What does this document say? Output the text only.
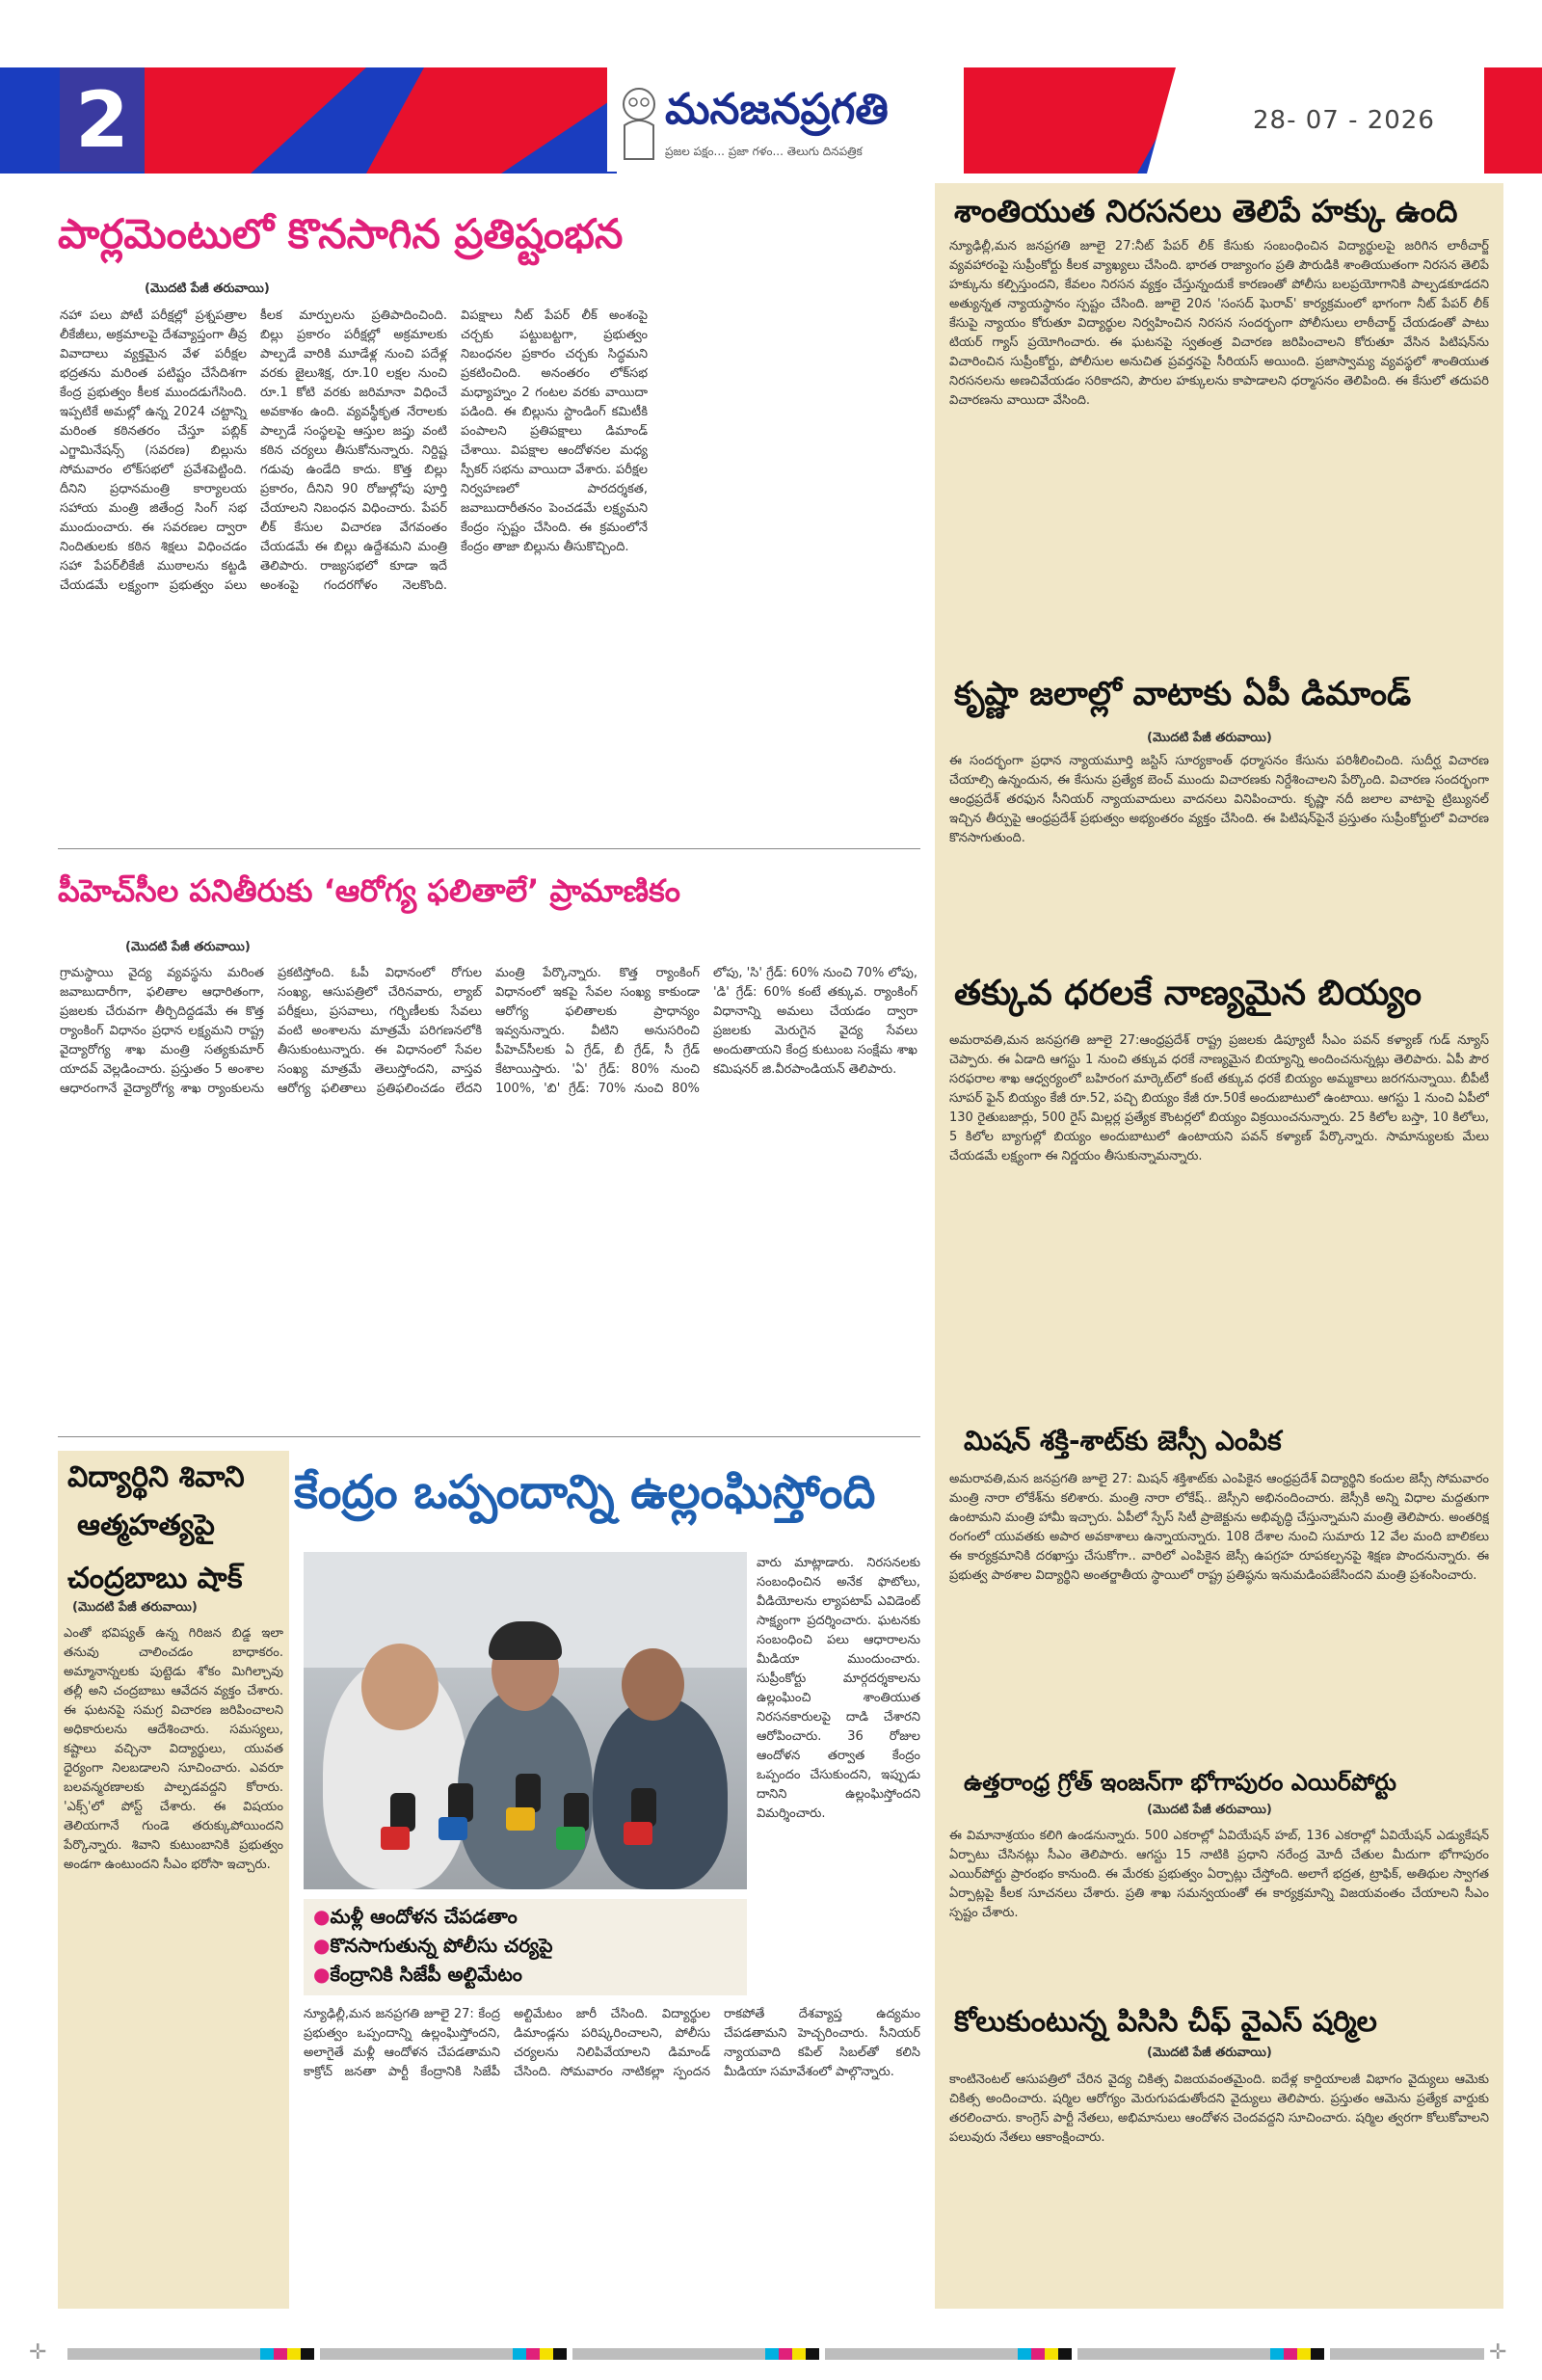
2	మనజనప్రగతి
ప్రజల పక్షం... ప్రజా గళం... తెలుగు దినపత్రిక
28- 07 - 2026
పార్లమెంటులో కొనసాగిన ప్రతిష్టంభన
(మొదటి పేజీ తరువాయి)
నహా పలు పోటీ పరీక్షల్లో ప్రశ్నపత్రాల లీకేజీలు, అక్రమాలపై దేశవ్యాప్తంగా తీవ్ర వివాదాలు వ్యక్తమైన వేళ పరీక్షల భద్రతను మరింత పటిష్టం చేసేదిశగా కేంద్ర ప్రభుత్వం కీలక ముందడుగేసింది. ఇప్పటికే అమల్లో ఉన్న 2024 చట్టాన్ని మరింత కఠినతరం చేస్తూ పబ్లిక్ ఎగ్జామినేషన్స్ (సవరణ) బిల్లును సోమవారం లోక్‌సభలో ప్రవేశపెట్టింది. దీనిని ప్రధానమంత్రి కార్యాలయ సహాయ మంత్రి జితేంద్ర సింగ్ సభ ముందుంచారు. ఈ సవరణల ద్వారా నిందితులకు కఠిన శిక్షలు విధించడం సహా పేపర్‌లీకేజీ ముఠాలను కట్టడి చేయడమే లక్ష్యంగా ప్రభుత్వం పలు కీలక మార్పులను ప్రతిపాదించింది. బిల్లు ప్రకారం పరీక్షల్లో అక్రమాలకు పాల్పడే వారికి మూడేళ్ల నుంచి పదేళ్ల వరకు జైలుశిక్ష, రూ.10 లక్షల నుంచి రూ.1 కోటి వరకు జరిమానా విధించే అవకాశం ఉంది. వ్యవస్థీకృత నేరాలకు పాల్పడే సంస్థలపై ఆస్తుల జప్తు వంటి కఠిన చర్యలు తీసుకోనున్నారు. నిర్దిష్ట గడువు ఉండేది కాదు. కొత్త బిల్లు ప్రకారం, దీనిని 90 రోజుల్లోపు పూర్తి చేయాలని నిబంధన విధించారు. పేపర్ లీక్ కేసుల విచారణ వేగవంతం చేయడమే ఈ బిల్లు ఉద్దేశమని మంత్రి తెలిపారు. రాజ్యసభలో కూడా ఇదే అంశంపై గందరగోళం నెలకొంది. విపక్షాలు నీట్ పేపర్ లీక్ అంశంపై చర్చకు పట్టుబట్టగా, ప్రభుత్వం నిబంధనల ప్రకారం చర్చకు సిద్ధమని ప్రకటించింది. అనంతరం లోక్‌సభ మధ్యాహ్నం 2 గంటల వరకు వాయిదా పడింది. ఈ బిల్లును స్టాండింగ్ కమిటీకి పంపాలని ప్రతిపక్షాలు డిమాండ్ చేశాయి. విపక్షాల ఆందోళనల మధ్య స్పీకర్ సభను వాయిదా వేశారు. పరీక్షల నిర్వహణలో పారదర్శకత, జవాబుదారీతనం పెంచడమే లక్ష్యమని కేంద్రం స్పష్టం చేసింది. ఈ క్రమంలోనే కేంద్రం తాజా బిల్లును తీసుకొచ్చింది.
శాంతియుత నిరసనలు తెలిపే హక్కు ఉంది
న్యూఢిల్లీ,మన జనప్రగతి జూలై 27:నీట్ పేపర్ లీక్ కేసుకు సంబంధించిన విద్యార్థులపై జరిగిన లాఠీచార్జ్ వ్యవహారంపై సుప్రీంకోర్టు కీలక వ్యాఖ్యలు చేసింది. భారత రాజ్యాంగం ప్రతి పౌరుడికి శాంతియుతంగా నిరసన తెలిపే హక్కును కల్పిస్తుందని, కేవలం నిరసన వ్యక్తం చేస్తున్నందుకే కారణంతో పోలీసు బలప్రయోగానికి పాల్పడకూడదని అత్యున్నత న్యాయస్థానం స్పష్టం చేసింది. జూలై 20న 'సంసద్ ఘెరావ్' కార్యక్రమంలో భాగంగా నీట్ పేపర్ లీక్ కేసుపై న్యాయం కోరుతూ విద్యార్థుల నిర్వహించిన నిరసన సందర్భంగా పోలీసులు లాఠీచార్జ్ చేయడంతో పాటు టియర్ గ్యాస్ ప్రయోగించారు. ఈ ఘటనపై స్వతంత్ర విచారణ జరిపించాలని కోరుతూ వేసిన పిటిషన్‌ను విచారించిన సుప్రీంకోర్టు, పోలీసుల అనుచిత ప్రవర్తనపై సీరియస్ అయింది. ప్రజాస్వామ్య వ్యవస్థలో శాంతియుత నిరసనలను అణచివేయడం సరికాదని, పౌరుల హక్కులను కాపాడాలని ధర్మాసనం తెలిపింది. ఈ కేసులో తదుపరి విచారణను వాయిదా వేసింది.
కృష్ణా జలాల్లో వాటాకు ఏపీ డిమాండ్
(మొదటి పేజీ తరువాయి)
ఈ సందర్భంగా ప్రధాన న్యాయమూర్తి జస్టిస్ సూర్యకాంత్ ధర్మాసనం కేసును పరిశీలించింది. సుదీర్ఘ విచారణ చేయాల్సి ఉన్నందున, ఈ కేసును ప్రత్యేక బెంచ్ ముందు విచారణకు నిర్దేశించాలని పేర్కొంది. విచారణ సందర్భంగా ఆంధ్రప్రదేశ్ తరఫున సీనియర్ న్యాయవాదులు వాదనలు వినిపించారు. కృష్ణా నదీ జలాల వాటాపై ట్రిబ్యునల్ ఇచ్చిన తీర్పుపై ఆంధ్రప్రదేశ్ ప్రభుత్వం అభ్యంతరం వ్యక్తం చేసింది. ఈ పిటిషన్‌పైనే ప్రస్తుతం సుప్రీంకోర్టులో విచారణ కొనసాగుతుంది.
తక్కువ ధరలకే నాణ్యమైన బియ్యం
అమరావతి,మన జనప్రగతి జూలై 27:ఆంధ్రప్రదేశ్ రాష్ట్ర ప్రజలకు డిప్యూటీ సీఎం పవన్ కళ్యాణ్ గుడ్ న్యూస్ చెప్పారు. ఈ ఏడాది ఆగస్టు 1 నుంచి తక్కువ ధరకే నాణ్యమైన బియ్యాన్ని అందించనున్నట్లు తెలిపారు. ఏపీ పౌర సరఫరాల శాఖ ఆధ్వర్యంలో బహిరంగ మార్కెట్‌లో కంటే తక్కువ ధరకే బియ్యం అమ్మకాలు జరగనున్నాయి. బీపీటీ సూపర్ ఫైన్ బియ్యం కేజీ రూ.52, పచ్చి బియ్యం కేజీ రూ.50కే అందుబాటులో ఉంటాయి. ఆగస్టు 1 నుంచి ఏపీలో 130 రైతుబజార్లు, 500 రైస్ మిల్లర్ల ప్రత్యేక కౌంటర్లలో బియ్యం విక్రయించనున్నారు. 25 కిలోల బస్తా, 10 కిలోలు, 5 కిలోల బ్యాగుల్లో బియ్యం అందుబాటులో ఉంటాయని పవన్ కళ్యాణ్ పేర్కొన్నారు. సామాన్యులకు మేలు చేయడమే లక్ష్యంగా ఈ నిర్ణయం తీసుకున్నామన్నారు.
పీహెచ్‌సీల పనితీరుకు ‘ఆరోగ్య ఫలితాలే’ ప్రామాణికం
(మొదటి పేజీ తరువాయి)
గ్రామస్థాయి వైద్య వ్యవస్థను మరింత జవాబుదారీగా, ఫలితాల ఆధారితంగా, ప్రజలకు చేరువగా తీర్చిదిద్దడమే ఈ కొత్త ర్యాంకింగ్ విధానం ప్రధాన లక్ష్యమని రాష్ట్ర వైద్యారోగ్య శాఖ మంత్రి సత్యకుమార్ యాదవ్ వెల్లడించారు. ప్రస్తుతం 5 అంశాల ఆధారంగానే వైద్యారోగ్య శాఖ ర్యాంకులను ప్రకటిస్తోంది. ఓపీ విధానంలో రోగుల సంఖ్య, ఆసుపత్రిలో చేరినవారు, ల్యాబ్ పరీక్షలు, ప్రసవాలు, గర్భిణీలకు సేవలు వంటి అంశాలను మాత్రమే పరిగణనలోకి తీసుకుంటున్నారు. ఈ విధానంలో సేవల సంఖ్య మాత్రమే తెలుస్తోందని, వాస్తవ ఆరోగ్య ఫలితాలు ప్రతిఫలించడం లేదని మంత్రి పేర్కొన్నారు. కొత్త ర్యాంకింగ్ విధానంలో ఇకపై సేవల సంఖ్య కాకుండా ఆరోగ్య ఫలితాలకు ప్రాధాన్యం ఇవ్వనున్నారు. వీటిని అనుసరించి పీహెచ్‌సీలకు ఏ గ్రేడ్, బీ గ్రేడ్, సీ గ్రేడ్ కేటాయిస్తారు. 'ఏ' గ్రేడ్: 80% నుంచి 100%, 'బి' గ్రేడ్: 70% నుంచి 80% లోపు, 'సి' గ్రేడ్: 60% నుంచి 70% లోపు, 'డి' గ్రేడ్: 60% కంటే తక్కువ. ర్యాంకింగ్ విధానాన్ని అమలు చేయడం ద్వారా ప్రజలకు మెరుగైన వైద్య సేవలు అందుతాయని కేంద్ర కుటుంబ సంక్షేమ శాఖ కమిషనర్ జి.వీరపాండియన్ తెలిపారు.
విద్యార్థిని శివాని
ఆత్మహత్యపై
చంద్రబాబు షాక్
(మొదటి పేజీ తరువాయి)
ఎంతో భవిష్యత్ ఉన్న గిరిజన బిడ్డ ఇలా తనువు చాలించడం బాధాకరం. అమ్మానాన్నలకు పుట్టెడు శోకం మిగిల్చావు తల్లీ అని చంద్రబాబు ఆవేదన వ్యక్తం చేశారు. ఈ ఘటనపై సమగ్ర విచారణ జరిపించాలని అధికారులను ఆదేశించారు. సమస్యలు, కష్టాలు వచ్చినా విద్యార్థులు, యువత ధైర్యంగా నిలబడాలని సూచించారు. ఎవరూ బలవన్మరణాలకు పాల్పడవద్దని కోరారు. 'ఎక్స్'లో పోస్ట్ చేశారు. ఈ విషయం తెలియగానే గుండె తరుక్కుపోయిందని పేర్కొన్నారు. శివాని కుటుంబానికి ప్రభుత్వం అండగా ఉంటుందని సీఎం భరోసా ఇచ్చారు.
కేంద్రం ఒప్పందాన్ని ఉల్లంఘిస్తోంది
●మళ్లీ ఆందోళన చేపడతాం
●కొనసాగుతున్న పోలీసు చర్యపై
●కేంద్రానికి సిజేపీ అల్టిమేటం
వారు మాట్లాడారు. నిరసనలకు సంబంధించిన అనేక ఫొటోలు, వీడియోలను ల్యాపటాప్ ఎవిడెంట్ సాక్ష్యంగా ప్రదర్శించారు. ఘటనకు సంబంధించి పలు ఆధారాలను మీడియా ముందుంచారు. సుప్రీంకోర్టు మార్గదర్శకాలను ఉల్లంఘించి శాంతియుత నిరసనకారులపై దాడి చేశారని ఆరోపించారు. 36 రోజుల ఆందోళన తర్వాత కేంద్రం ఒప్పందం చేసుకుందని, ఇప్పుడు దానిని ఉల్లంఘిస్తోందని విమర్శించారు.
న్యూఢిల్లీ,మన జనప్రగతి జూలై 27: కేంద్ర ప్రభుత్వం ఒప్పందాన్ని ఉల్లంఘిస్తోందని, అలాగైతే మళ్లీ ఆందోళన చేపడతామని కాక్రోచ్ జనతా పార్టీ కేంద్రానికి సిజేపీ అల్టిమేటం జారీ చేసింది. విద్యార్థుల డిమాండ్లను పరిష్కరించాలని, పోలీసు చర్యలను నిలిపివేయాలని డిమాండ్ చేసింది. సోమవారం నాటికల్లా స్పందన రాకపోతే దేశవ్యాప్త ఉద్యమం చేపడతామని హెచ్చరించారు. సీనియర్ న్యాయవాది కపిల్ సిబల్‌తో కలిసి మీడియా సమావేశంలో పాల్గొన్నారు.
మిషన్ శక్తి-శాట్‌కు జెస్సీ ఎంపిక
అమరావతి,మన జనప్రగతి జూలై 27: మిషన్ శక్తిశాట్‌కు ఎంపికైన ఆంధ్రప్రదేశ్ విద్యార్థిని కందుల జెస్సీ సోమవారం మంత్రి నారా లోకేశ్‌ను కలిశారు. మంత్రి నారా లోకేష్.. జెస్సీని అభినందించారు. జెస్సీకి అన్ని విధాల మద్దతుగా ఉంటామని మంత్రి హామీ ఇచ్చారు. ఏపీలో స్పేస్ సిటీ ప్రాజెక్టును అభివృద్ధి చేస్తున్నామని మంత్రి తెలిపారు. అంతరిక్ష రంగంలో యువతకు అపార అవకాశాలు ఉన్నాయన్నారు. 108 దేశాల నుంచి సుమారు 12 వేల మంది బాలికలు ఈ కార్యక్రమానికి దరఖాస్తు చేసుకోగా.. వారిలో ఎంపికైన జెస్సీ ఉపగ్రహ రూపకల్పనపై శిక్షణ పొందనున్నారు. ఈ ప్రభుత్వ పాఠశాల విద్యార్థిని అంతర్జాతీయ స్థాయిలో రాష్ట్ర ప్రతిష్ఠను ఇనుమడింపజేసిందని మంత్రి ప్రశంసించారు.
ఉత్తరాంధ్ర గ్రోత్ ఇంజన్‌గా భోగాపురం ఎయిర్‌పోర్టు
(మొదటి పేజీ తరువాయి)
ఈ విమానాశ్రయం కలిగి ఉండనున్నారు. 500 ఎకరాల్లో ఏవియేషన్ హబ్, 136 ఎకరాల్లో ఏవియేషన్ ఎడ్యుకేషన్ ఏర్పాటు చేసినట్లు సీఎం తెలిపారు. ఆగస్టు 15 నాటికి ప్రధాని నరేంద్ర మోదీ చేతుల మీదుగా భోగాపురం ఎయిర్‌పోర్టు ప్రారంభం కానుంది. ఈ మేరకు ప్రభుత్వం ఏర్పాట్లు చేస్తోంది. అలాగే భద్రత, ట్రాఫిక్, అతిథుల స్వాగత ఏర్పాట్లపై కీలక సూచనలు చేశారు. ప్రతి శాఖ సమన్వయంతో ఈ కార్యక్రమాన్ని విజయవంతం చేయాలని సీఎం స్పష్టం చేశారు.
కోలుకుంటున్న పిసిసి చీఫ్ వైఎస్ షర్మిల
(మొదటి పేజీ తరువాయి)
కాంటినెంటల్ ఆసుపత్రిలో చేరిన వైద్య చికిత్స విజయవంతమైంది. ఐదేళ్ల కార్డియాలజీ విభాగం వైద్యులు ఆమెకు చికిత్స అందించారు. షర్మిల ఆరోగ్యం మెరుగుపడుతోందని వైద్యులు తెలిపారు. ప్రస్తుతం ఆమెను ప్రత్యేక వార్డుకు తరలించారు. కాంగ్రెస్ పార్టీ నేతలు, అభిమానులు ఆందోళన చెందవద్దని సూచించారు. షర్మిల త్వరగా కోలుకోవాలని పలువురు నేతలు ఆకాంక్షించారు.
✛	✛
